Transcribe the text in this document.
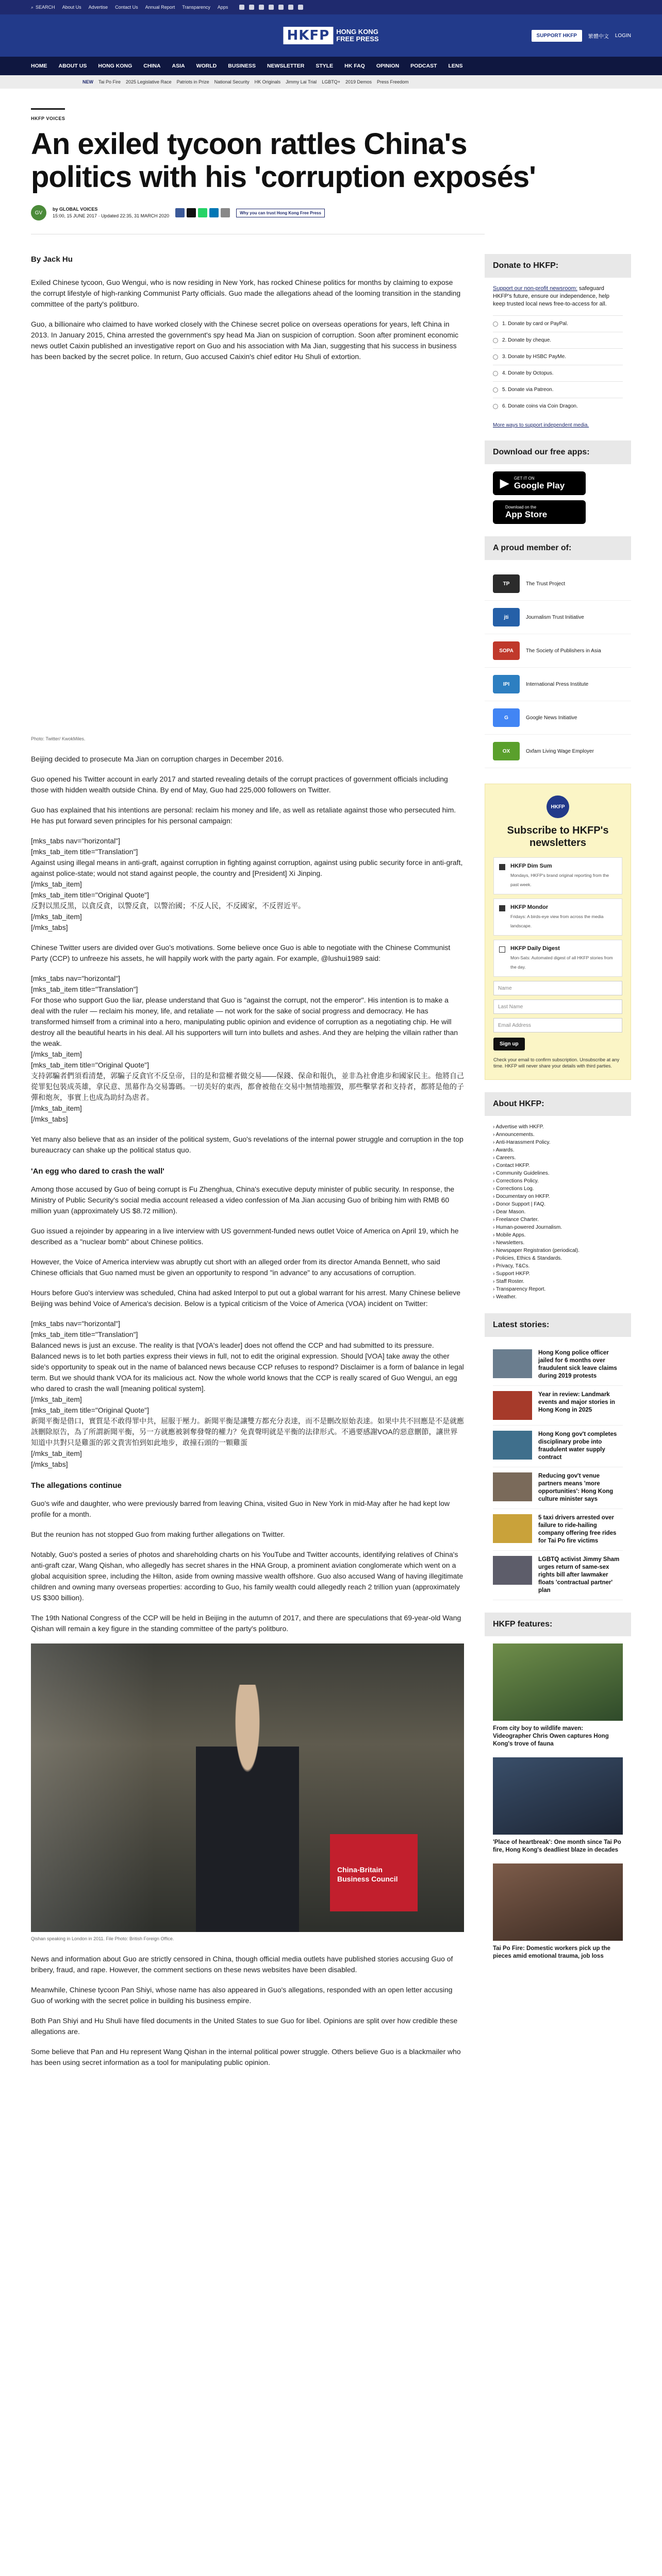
⌕ SEARCH About Us Advertise Contact Us Annual Report Transparency Apps
HKFP	HONG KONG
FREE PRESS	SUPPORT HKFP	繁體中文 LOGIN
HOME ABOUT US HONG KONG CHINA ASIA WORLD BUSINESS NEWSLETTER STYLE HK FAQ OPINION PODCAST LENS
NEW Tai Po Fire 2025 Legislative Race Patriots in Prize National Security HK Originals Jimmy Lai Trial LGBTQ+ 2019 Demos Press Freedom
HKFP VOICES
An exiled tycoon rattles China's politics with his 'corruption exposés'
GV
by GLOBAL VOICES
15:00, 15 JUNE 2017 · Updated 22:35, 31 MARCH 2020
Why you can trust Hong Kong Free Press
By Jack Hu

Exiled Chinese tycoon, Guo Wengui, who is now residing in New York, has rocked Chinese politics for months by claiming to expose the corrupt lifestyle of high-ranking Communist Party officials. Guo made the allegations ahead of the looming transition in the standing committee of the party's politburo.

Guo, a billionaire who claimed to have worked closely with the Chinese secret police on overseas operations for years, left China in 2013. In January 2015, China arrested the government's spy head Ma Jian on suspicion of corruption. Soon after prominent economic news outlet Caixin published an investigative report on Guo and his association with Ma Jian, suggesting that his success in business has been backed by the secret police. In return, Guo accused Caixin's chief editor Hu Shuli of extortion.

Photo: Twitter/ KwokMiles.

Beijing decided to prosecute Ma Jian on corruption charges in December 2016.

Guo opened his Twitter account in early 2017 and started revealing details of the corrupt practices of government officials including those with hidden wealth outside China. By end of May, Guo had 225,000 followers on Twitter.

Guo has explained that his intentions are personal: reclaim his money and life, as well as retaliate against those who persecuted him. He has put forward seven principles for his personal campaign:

[mks_tabs nav="horizontal"]
[mks_tab_item title="Translation"]
Against using illegal means in anti-graft, against corruption in fighting against corruption, against using public security force in anti-graft, against police-state; would not stand against people, the country and [President] Xi Jinping.
[/mks_tab_item]
[mks_tab_item title="Original Quote"]
反對以黑反黑，以貪反貪，以警反貪，以警治國；不反人民，不反國家，不反習近平。
[/mks_tab_item]
[/mks_tabs]

Chinese Twitter users are divided over Guo's motivations. Some believe once Guo is able to negotiate with the Chinese Communist Party (CCP) to unfreeze his assets, he will happily work with the party again. For example, @lushui1989 said:

[mks_tabs nav="horizontal"]
[mks_tab_item title="Translation"]
For those who support Guo the liar, please understand that Guo is "against the corrupt, not the emperor". His intention is to make a deal with the ruler — reclaim his money, life, and retaliate — not work for the sake of social progress and democracy. He has transformed himself from a criminal into a hero, manipulating public opinion and evidence of corruption as a negotiating chip. He will destroy all the beautiful hearts in his deal. All his supporters will turn into bullets and ashes. And they are helping the villain rather than the weak.
[/mks_tab_item]
[mks_tab_item title="Original Quote"]
支持郭騙者們須看清楚，郭騙子反貪官不反皇帝，目的是和當權者做交易——保錢、保命和報仇，並非為社會進步和國家民主。他將自己從罪犯包裝成英雄，拿民意、黑幕作為交易籌碼。一切美好的東西，都會被他在交易中無情地摧毀，那些擊掌者和支持者，都將是他的子彈和炮灰，事實上也成為助紂為虐者。
[/mks_tab_item]
[/mks_tabs]

Yet many also believe that as an insider of the political system, Guo's revelations of the internal power struggle and corruption in the top bureaucracy can shake up the political status quo.

'An egg who dared to crash the wall'

Among those accused by Guo of being corrupt is Fu Zhenghua, China's executive deputy minister of public security. In response, the Ministry of Public Security's social media account released a video confession of Ma Jian accusing Guo of bribing him with RMB 60 million yuan (approximately US $8.72 million).

Guo issued a rejoinder by appearing in a live interview with US government-funded news outlet Voice of America on April 19, which he described as a "nuclear bomb" about Chinese politics.

However, the Voice of America interview was abruptly cut short with an alleged order from its director Amanda Bennett, who said Chinese officials that Guo named must be given an opportunity to respond "in advance" to any accusations of corruption.

Hours before Guo's interview was scheduled, China had asked Interpol to put out a global warrant for his arrest. Many Chinese believe Beijing was behind Voice of America's decision. Below is a typical criticism of the Voice of America (VOA) incident on Twitter:

[mks_tabs nav="horizontal"]
[mks_tab_item title="Translation"]
Balanced news is just an excuse. The reality is that [VOA's leader] does not offend the CCP and had submitted to its pressure. Balanced news is to let both parties express their views in full, not to edit the original expression. Should [VOA] take away the other side's opportunity to speak out in the name of balanced news because CCP refuses to respond? Disclaimer is a form of balance in legal term. But we should thank VOA for its malicious act. Now the whole world knows that the CCP is really scared of Guo Wengui, an egg who dared to crash the wall [meaning political system].
[/mks_tab_item]
[mks_tab_item title="Original Quote"]
新聞平衡是借口，實質是不敢得罪中共，屈服于壓力。新聞平衡是讓雙方都充分表達，而不是刪改原始表達。如果中共不回應是不是就應該刪除原告，為了所謂新聞平衡，另一方就應被剝奪發聲的權力？免責聲明就是平衡的法律形式。不過要感謝VOA的惡意刪節，讓世界知道中共對只是雞蛋的郭文貴害怕到如此地步，敢撞石頭的一顆雞蛋
[/mks_tab_item]
[/mks_tabs]

The allegations continue

Guo's wife and daughter, who were previously barred from leaving China, visited Guo in New York in mid-May after he had kept low profile for a month.

But the reunion has not stopped Guo from making further allegations on Twitter.

Notably, Guo's posted a series of photos and shareholding charts on his YouTube and Twitter accounts, identifying relatives of China's anti-graft czar, Wang Qishan, who allegedly has secret shares in the HNA Group, a prominent aviation conglomerate which went on a global acquisition spree, including the Hilton, aside from owning massive wealth offshore. Guo also accused Wang of having illegitimate children and owning many overseas properties: according to Guo, his family wealth could allegedly reach 2 trillion yuan (approximately US $300 billion).

The 19th National Congress of the CCP will be held in Beijing in the autumn of 2017, and there are speculations that 69-year-old Wang Qishan will remain a key figure in the standing committee of the party's politburo.

China-Britain Business Council
Qishan speaking in London in 2011. File Photo: British Foreign Office.

News and information about Guo are strictly censored in China, though official media outlets have published stories accusing Guo of bribery, fraud, and rape. However, the comment sections on these news websites have been disabled.

Meanwhile, Chinese tycoon Pan Shiyi, whose name has also appeared in Guo's allegations, responded with an open letter accusing Guo of working with the secret police in building his business empire.

Both Pan Shiyi and Hu Shuli have filed documents in the United States to sue Guo for libel. Opinions are split over how credible these allegations are.

Some believe that Pan and Hu represent Wang Qishan in the internal political power struggle. Others believe Guo is a blackmailer who has been using secret information as a tool for manipulating public opinion.

Donate to HKFP:
Support our non-profit newsroom: safeguard HKFP's future, ensure our independence, help keep trusted local news free-to-access for all.
1. Donate by card or PayPal.
2. Donate by cheque.
3. Donate by HSBC PayMe.
4. Donate by Octopus.
5. Donate via Patreon.
6. Donate coins via Coin Dragon.
More ways to support independent media.
Download our free apps:
▶ GET IT ON
Google Play
Download on the
App Store
A proud member of:
TP	The Trust Project
jti	Journalism Trust Initiative
SOPA	The Society of Publishers in Asia
IPI	International Press Institute
G	Google News Initiative
OX	Oxfam Living Wage Employer
HKFP
Subscribe to HKFP's newsletters
HKFP Dim Sum
Mondays, HKFP's brand original reporting from the past week.
HKFP Mondor
Fridays: A birds-eye view from across the media landscape.
HKFP Daily Digest
Mon-Sats: Automated digest of all HKFP stories from the day.
Name
Last Name
Email Address
Sign up
Check your email to confirm subscription. Unsubscribe at any time. HKFP will never share your details with third parties.
About HKFP:
› Advertise with HKFP.
› Announcements.
› Anti-Harassment Policy.
› Awards.
› Careers.
› Contact HKFP.
› Community Guidelines.
› Corrections Policy.
› Corrections Log.
› Documentary on HKFP.
› Donor Support | FAQ.
› Dear Mason.
› Freelance Charter.
› Human-powered Journalism.
› Mobile Apps.
› Newsletters.
› Newspaper Registration (periodical).
› Policies, Ethics & Standards.
› Privacy, T&Cs.
› Support HKFP.
› Staff Roster.
› Transparency Report.
› Weather.
Latest stories:
Hong Kong police officer jailed for 6 months over fraudulent sick leave claims during 2019 protests
Year in review: Landmark events and major stories in Hong Kong in 2025
Hong Kong gov't completes disciplinary probe into fraudulent water supply contract
Reducing gov't venue partners means 'more opportunities': Hong Kong culture minister says
5 taxi drivers arrested over failure to ride-hailing company offering free rides for Tai Po fire victims
LGBTQ activist Jimmy Sham urges return of same-sex rights bill after lawmaker floats 'contractual partner' plan
HKFP features:
From city boy to wildlife maven: Videographer Chris Owen captures Hong Kong's trove of fauna
'Place of heartbreak': One month since Tai Po fire, Hong Kong's deadliest blaze in decades
Tai Po Fire: Domestic workers pick up the pieces amid emotional trauma, job loss
